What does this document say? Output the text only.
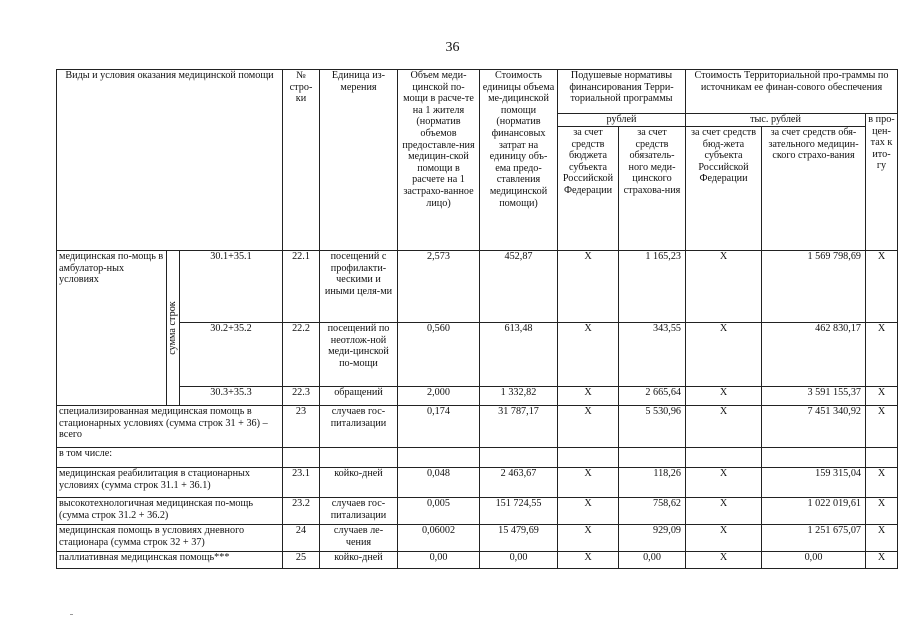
36
Виды и условия оказания медицинской помощи			№ стро-ки	Единица из-мерения	Объем меди-цинской по-мощи в расче-те на 1 жителя (норматив объемов предоставле-ния медицин-ской помощи в расчете на 1 застрахо-ванное лицо)	Стоимость единицы объема ме-дицинской помощи (норматив финансовых затрат на единицу объ-ема предо-ставления медицинской помощи)	Подушевые нормативы финансирования Терри-ториальной программы		Стоимость Территориальной про-граммы по источникам ее финан-сового обеспечения		
							рублей		тыс. рублей		в про-цен-тах к ито-гу
							за счет средств бюджета субъекта Российской Федерации	за счет средств обязатель-ного меди-цинского страхова-ния	за счет средств бюд-жета субъекта Российской Федерации	за счет средств обя-зательного медицин-ского страхо-вания	
медицинская по-мощь в амбулатор-ных условиях	сумма строк	30.1+35.1	22.1	посещений с профилакти-ческими и иными целя-ми	2,573	452,87	X	1 165,23	X	1 569 798,69	X
		30.2+35.2	22.2	посещений по неотлож-ной меди-цинской по-мощи	0,560	613,48	X	343,55	X	462 830,17	X
		30.3+35.3	22.3	обращений	2,000	1 332,82	X	2 665,64	X	3 591 155,37	X
специализированная медицинская помощь в стационарных условиях (сумма строк 31 + 36) – всего			23	случаев гос-питализации	0,174	31 787,17	X	5 530,96	X	7 451 340,92	X
в том числе:											
медицинская реабилитация в стационарных условиях (сумма строк 31.1 + 36.1)			23.1	койко-дней	0,048	2 463,67	X	118,26	X	159 315,04	X
высокотехнологичная медицинская по-мощь (сумма строк 31.2 + 36.2)			23.2	случаев гос-питализации	0,005	151 724,55	X	758,62	X	1 022 019,61	X
медицинская помощь в условиях дневного стационара (сумма строк 32 + 37)			24	случаев ле-чения	0,06002	15 479,69	X	929,09	X	1 251 675,07	X
паллиативная медицинская помощь***			25	койко-дней	0,00	0,00	X	0,00	X	0,00	X
